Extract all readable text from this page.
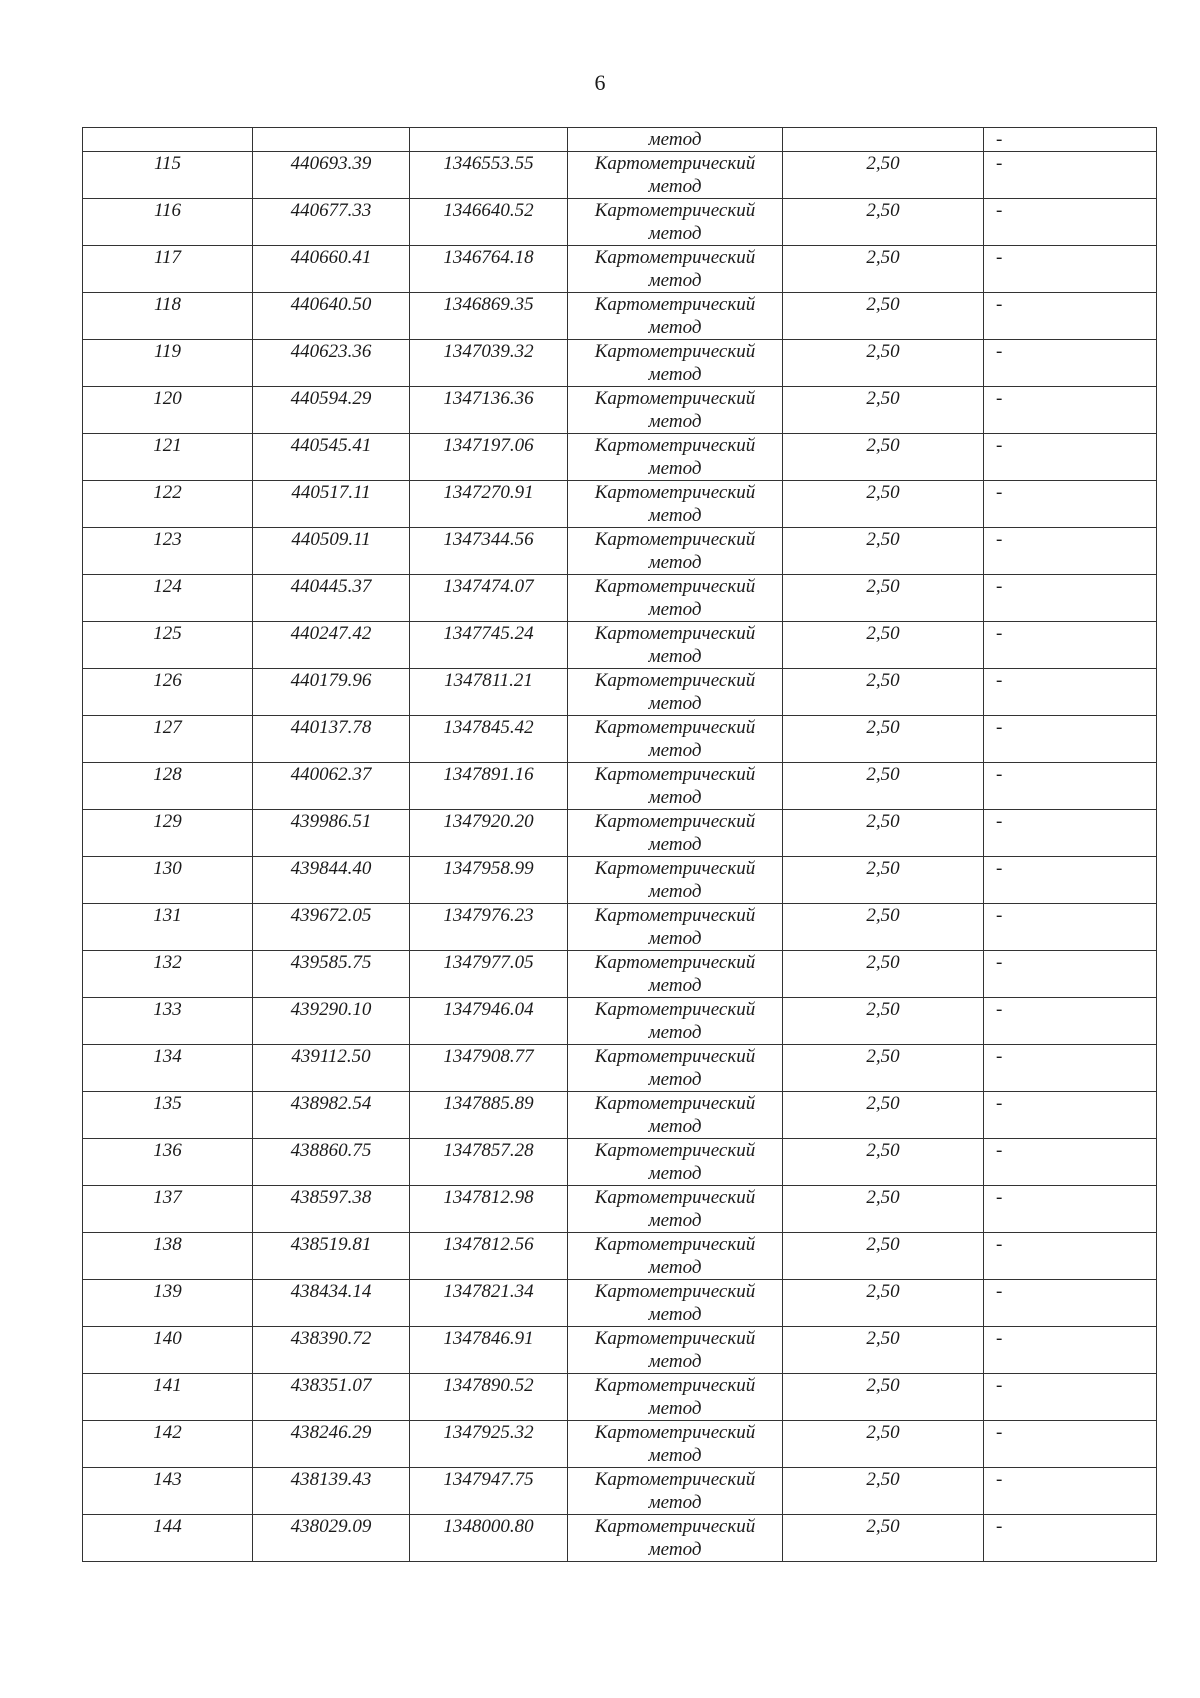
6
			метод		-
115	440693.39	1346553.55	Картометрический
метод	2,50	-
116	440677.33	1346640.52	Картометрический
метод	2,50	-
117	440660.41	1346764.18	Картометрический
метод	2,50	-
118	440640.50	1346869.35	Картометрический
метод	2,50	-
119	440623.36	1347039.32	Картометрический
метод	2,50	-
120	440594.29	1347136.36	Картометрический
метод	2,50	-
121	440545.41	1347197.06	Картометрический
метод	2,50	-
122	440517.11	1347270.91	Картометрический
метод	2,50	-
123	440509.11	1347344.56	Картометрический
метод	2,50	-
124	440445.37	1347474.07	Картометрический
метод	2,50	-
125	440247.42	1347745.24	Картометрический
метод	2,50	-
126	440179.96	1347811.21	Картометрический
метод	2,50	-
127	440137.78	1347845.42	Картометрический
метод	2,50	-
128	440062.37	1347891.16	Картометрический
метод	2,50	-
129	439986.51	1347920.20	Картометрический
метод	2,50	-
130	439844.40	1347958.99	Картометрический
метод	2,50	-
131	439672.05	1347976.23	Картометрический
метод	2,50	-
132	439585.75	1347977.05	Картометрический
метод	2,50	-
133	439290.10	1347946.04	Картометрический
метод	2,50	-
134	439112.50	1347908.77	Картометрический
метод	2,50	-
135	438982.54	1347885.89	Картометрический
метод	2,50	-
136	438860.75	1347857.28	Картометрический
метод	2,50	-
137	438597.38	1347812.98	Картометрический
метод	2,50	-
138	438519.81	1347812.56	Картометрический
метод	2,50	-
139	438434.14	1347821.34	Картометрический
метод	2,50	-
140	438390.72	1347846.91	Картометрический
метод	2,50	-
141	438351.07	1347890.52	Картометрический
метод	2,50	-
142	438246.29	1347925.32	Картометрический
метод	2,50	-
143	438139.43	1347947.75	Картометрический
метод	2,50	-
144	438029.09	1348000.80	Картометрический
метод	2,50	-
